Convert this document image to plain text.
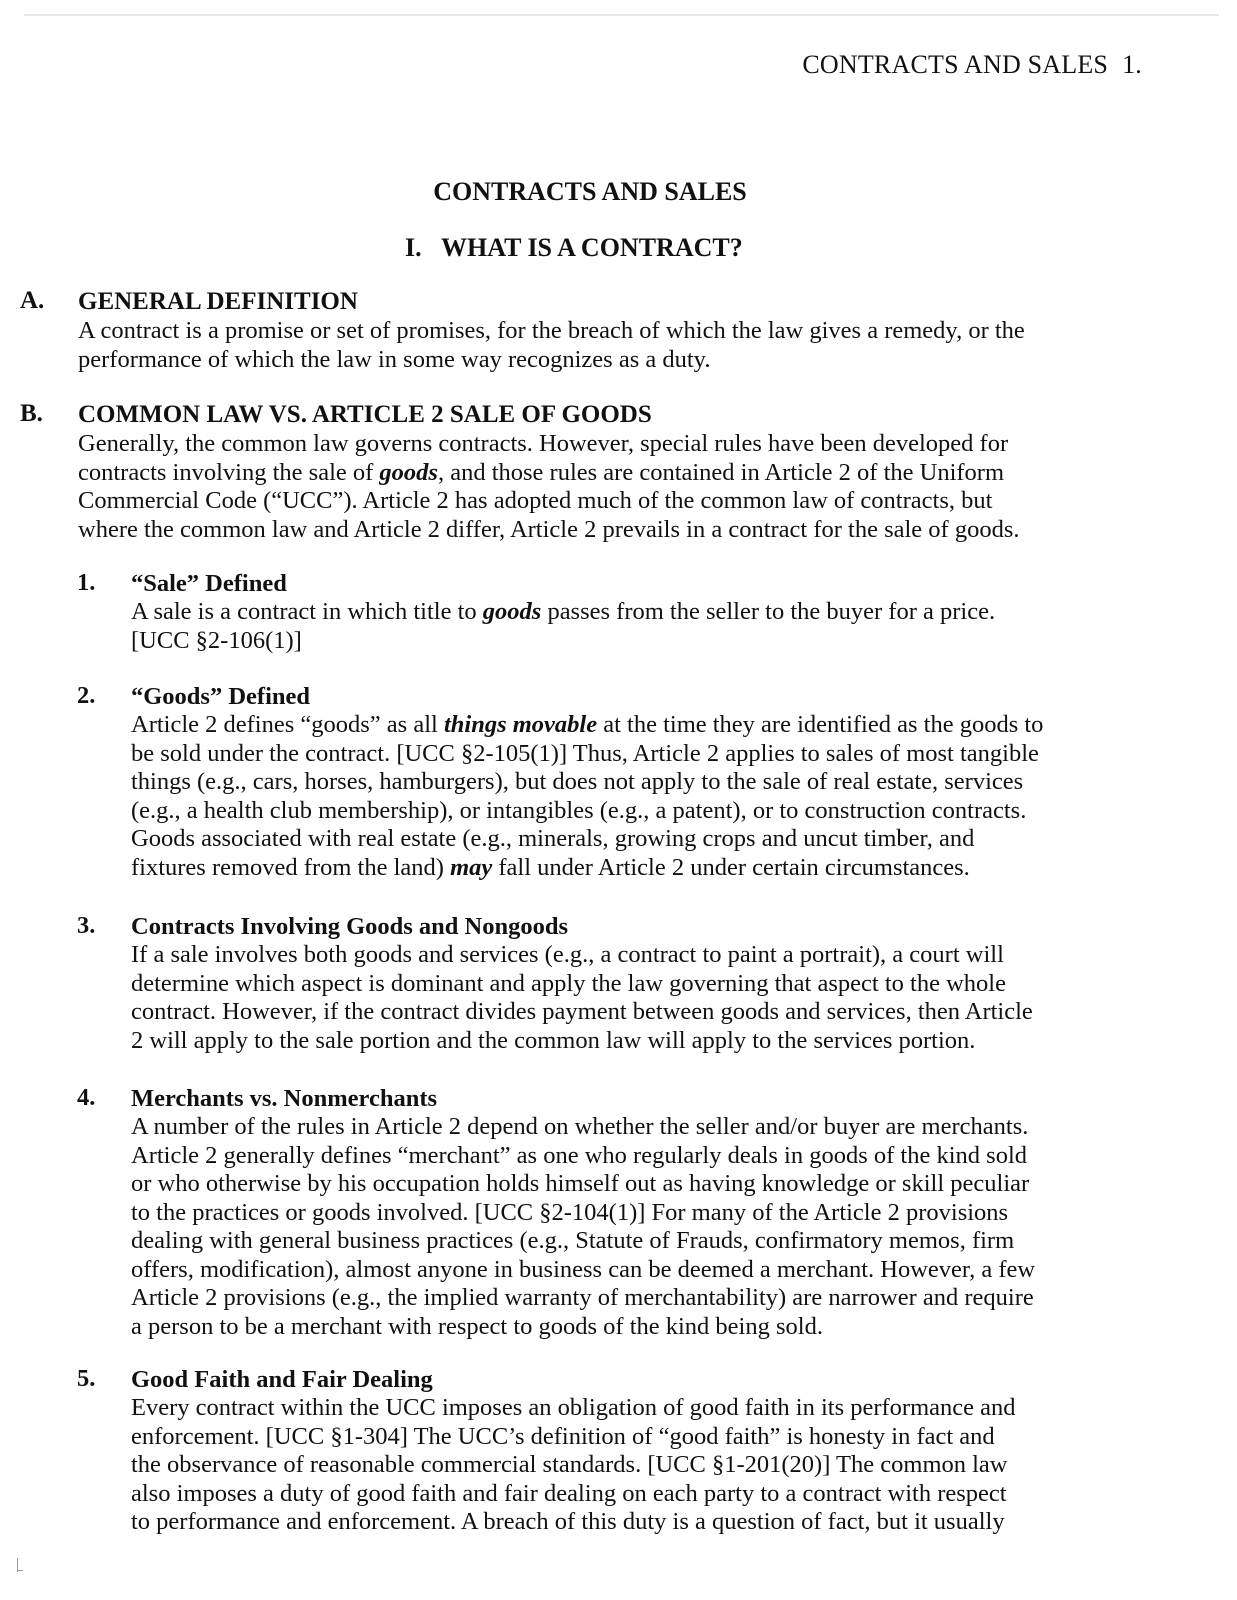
CONTRACTS AND SALES 1.
CONTRACTS AND SALES
I. WHAT IS A CONTRACT?
A. GENERAL DEFINITION
A contract is a promise or set of promises, for the breach of which the law gives a remedy, or the
performance of which the law in some way recognizes as a duty.
B. COMMON LAW VS. ARTICLE 2 SALE OF GOODS
Generally, the common law governs contracts. However, special rules have been developed for
contracts involving the sale of goods, and those rules are contained in Article 2 of the Uniform
Commercial Code (“UCC”). Article 2 has adopted much of the common law of contracts, but
where the common law and Article 2 differ, Article 2 prevails in a contract for the sale of goods.
1. “Sale” Defined
A sale is a contract in which title to goods passes from the seller to the buyer for a price.
[UCC §2-106(1)]
2. “Goods” Defined
Article 2 defines “goods” as all things movable at the time they are identified as the goods to
be sold under the contract. [UCC §2-105(1)] Thus, Article 2 applies to sales of most tangible
things (e.g., cars, horses, hamburgers), but does not apply to the sale of real estate, services
(e.g., a health club membership), or intangibles (e.g., a patent), or to construction contracts.
Goods associated with real estate (e.g., minerals, growing crops and uncut timber, and
fixtures removed from the land) may fall under Article 2 under certain circumstances.
3. Contracts Involving Goods and Nongoods
If a sale involves both goods and services (e.g., a contract to paint a portrait), a court will
determine which aspect is dominant and apply the law governing that aspect to the whole
contract. However, if the contract divides payment between goods and services, then Article
2 will apply to the sale portion and the common law will apply to the services portion.
4. Merchants vs. Nonmerchants
A number of the rules in Article 2 depend on whether the seller and/or buyer are merchants.
Article 2 generally defines “merchant” as one who regularly deals in goods of the kind sold
or who otherwise by his occupation holds himself out as having knowledge or skill peculiar
to the practices or goods involved. [UCC §2-104(1)] For many of the Article 2 provisions
dealing with general business practices (e.g., Statute of Frauds, confirmatory memos, firm
offers, modification), almost anyone in business can be deemed a merchant. However, a few
Article 2 provisions (e.g., the implied warranty of merchantability) are narrower and require
a person to be a merchant with respect to goods of the kind being sold.
5. Good Faith and Fair Dealing
Every contract within the UCC imposes an obligation of good faith in its performance and
enforcement. [UCC §1-304] The UCC’s definition of “good faith” is honesty in fact and
the observance of reasonable commercial standards. [UCC §1-201(20)] The common law
also imposes a duty of good faith and fair dealing on each party to a contract with respect
to performance and enforcement. A breach of this duty is a question of fact, but it usually
